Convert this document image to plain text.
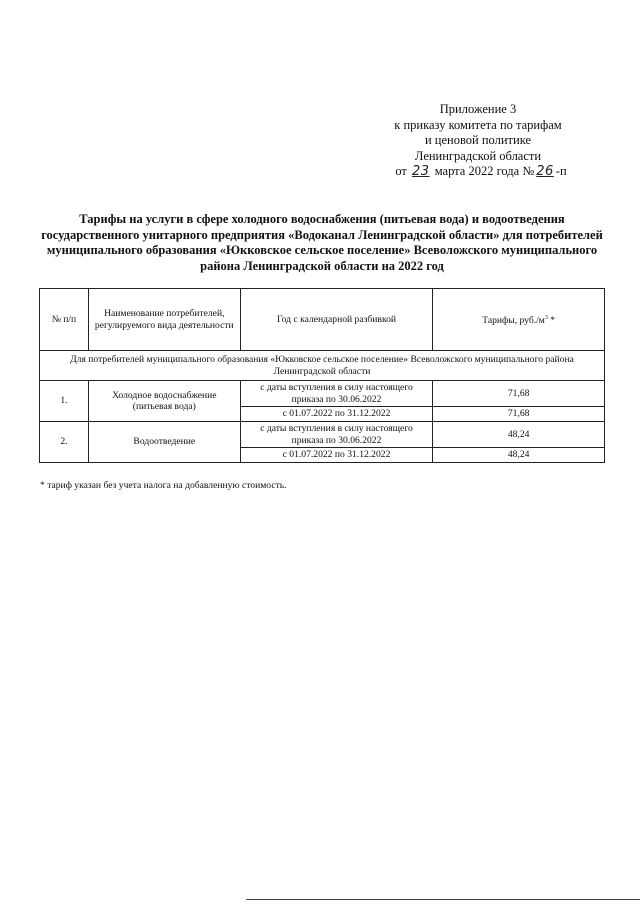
Приложение 3
к приказу комитета по тарифам
и ценовой политике
Ленинградской области
от 23 марта 2022 года № 26 -п
Тарифы на услуги в сфере холодного водоснабжения (питьевая вода) и водоотведения государственного унитарного предприятия «Водоканал Ленинградской области» для потребителей муниципального образования «Юкковское сельское поселение» Всеволожского муниципального района Ленинградской области на 2022 год
№ п/п	Наименование потребителей, регулируемого вида деятельности	Год с календарной разбивкой	Тарифы, $руб./м^3$ *
Для потребителей муниципального образования «Юкковское сельское поселение» Всеволожского муниципального района Ленинградской области			
1.	Холодное водоснабжение (питьевая вода)	с даты вступления в силу настоящего приказа по 30.06.2022	71,68
		с 01.07.2022 по 31.12.2022	71,68
2.	Водоотведение	с даты вступления в силу настоящего приказа по 30.06.2022	48,24
		с 01.07.2022 по 31.12.2022	48,24
* тариф указан без учета налога на добавленную стоимость.
